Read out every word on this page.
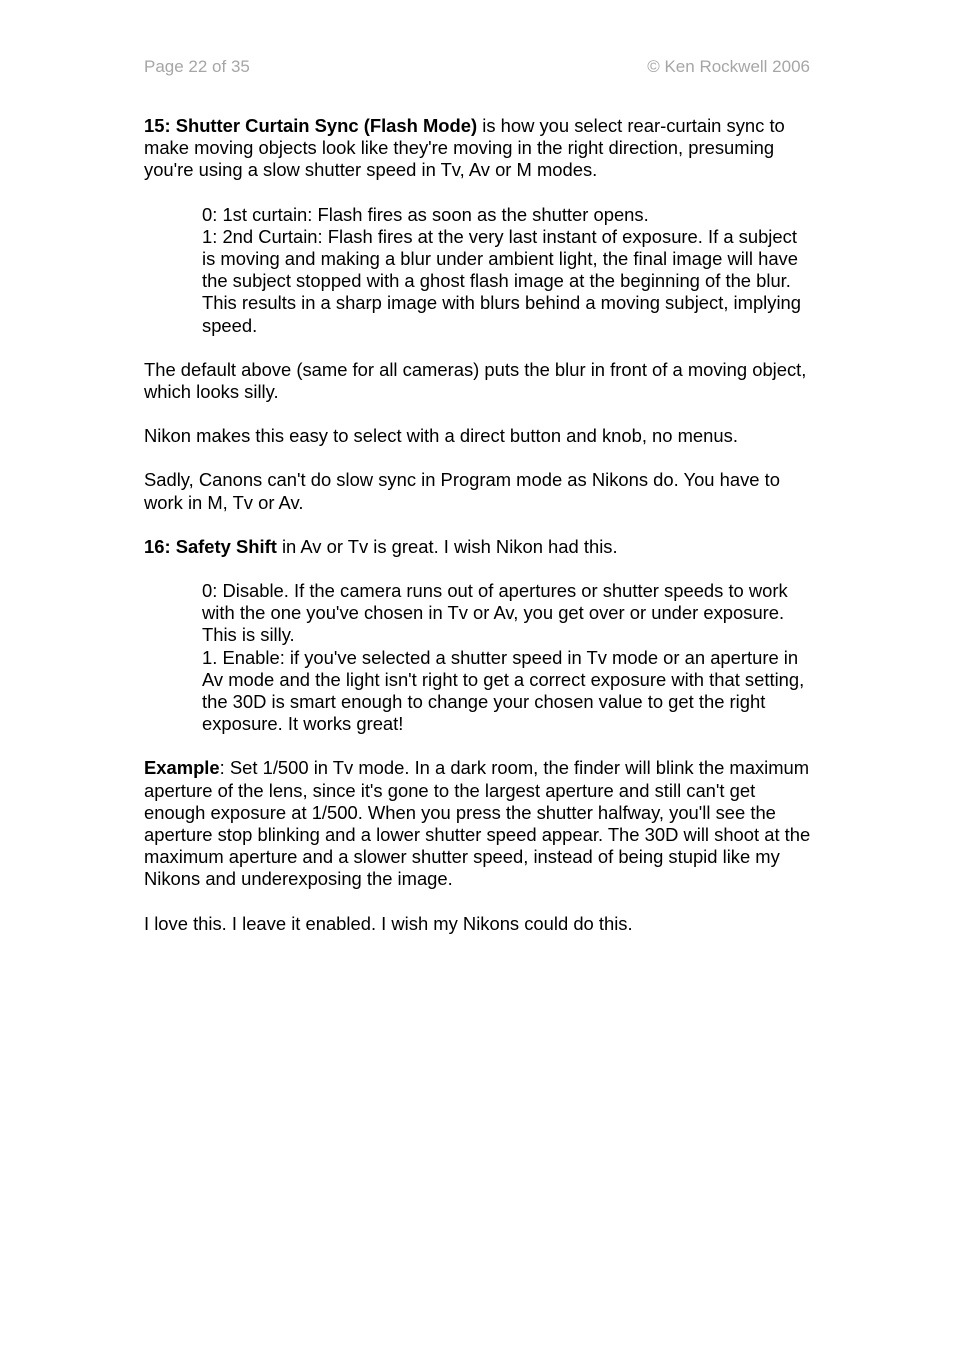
Page 22 of 35	© Ken Rockwell 2006

15: Shutter Curtain Sync (Flash Mode) is how you select rear-curtain sync to make moving objects look like they're moving in the right direction, presuming you're using a slow shutter speed in Tv, Av or M modes.

0: 1st curtain: Flash fires as soon as the shutter opens.

1: 2nd Curtain: Flash fires at the very last instant of exposure. If a subject is moving and making a blur under ambient light, the final image will have the subject stopped with a ghost flash image at the beginning of the blur. This results in a sharp image with blurs behind a moving subject, implying speed.

The default above (same for all cameras) puts the blur in front of a moving object, which looks silly.

Nikon makes this easy to select with a direct button and knob, no menus.

Sadly, Canons can't do slow sync in Program mode as Nikons do. You have to work in M, Tv or Av.

16: Safety Shift in Av or Tv is great. I wish Nikon had this.

0: Disable. If the camera runs out of apertures or shutter speeds to work with the one you've chosen in Tv or Av, you get over or under exposure. This is silly.

1. Enable: if you've selected a shutter speed in Tv mode or an aperture in Av mode and the light isn't right to get a correct exposure with that setting, the 30D is smart enough to change your chosen value to get the right exposure. It works great!

Example: Set 1/500 in Tv mode. In a dark room, the finder will blink the maximum aperture of the lens, since it's gone to the largest aperture and still can't get enough exposure at 1/500. When you press the shutter halfway, you'll see the aperture stop blinking and a lower shutter speed appear. The 30D will shoot at the maximum aperture and a slower shutter speed, instead of being stupid like my Nikons and underexposing the image.

I love this. I leave it enabled. I wish my Nikons could do this.
